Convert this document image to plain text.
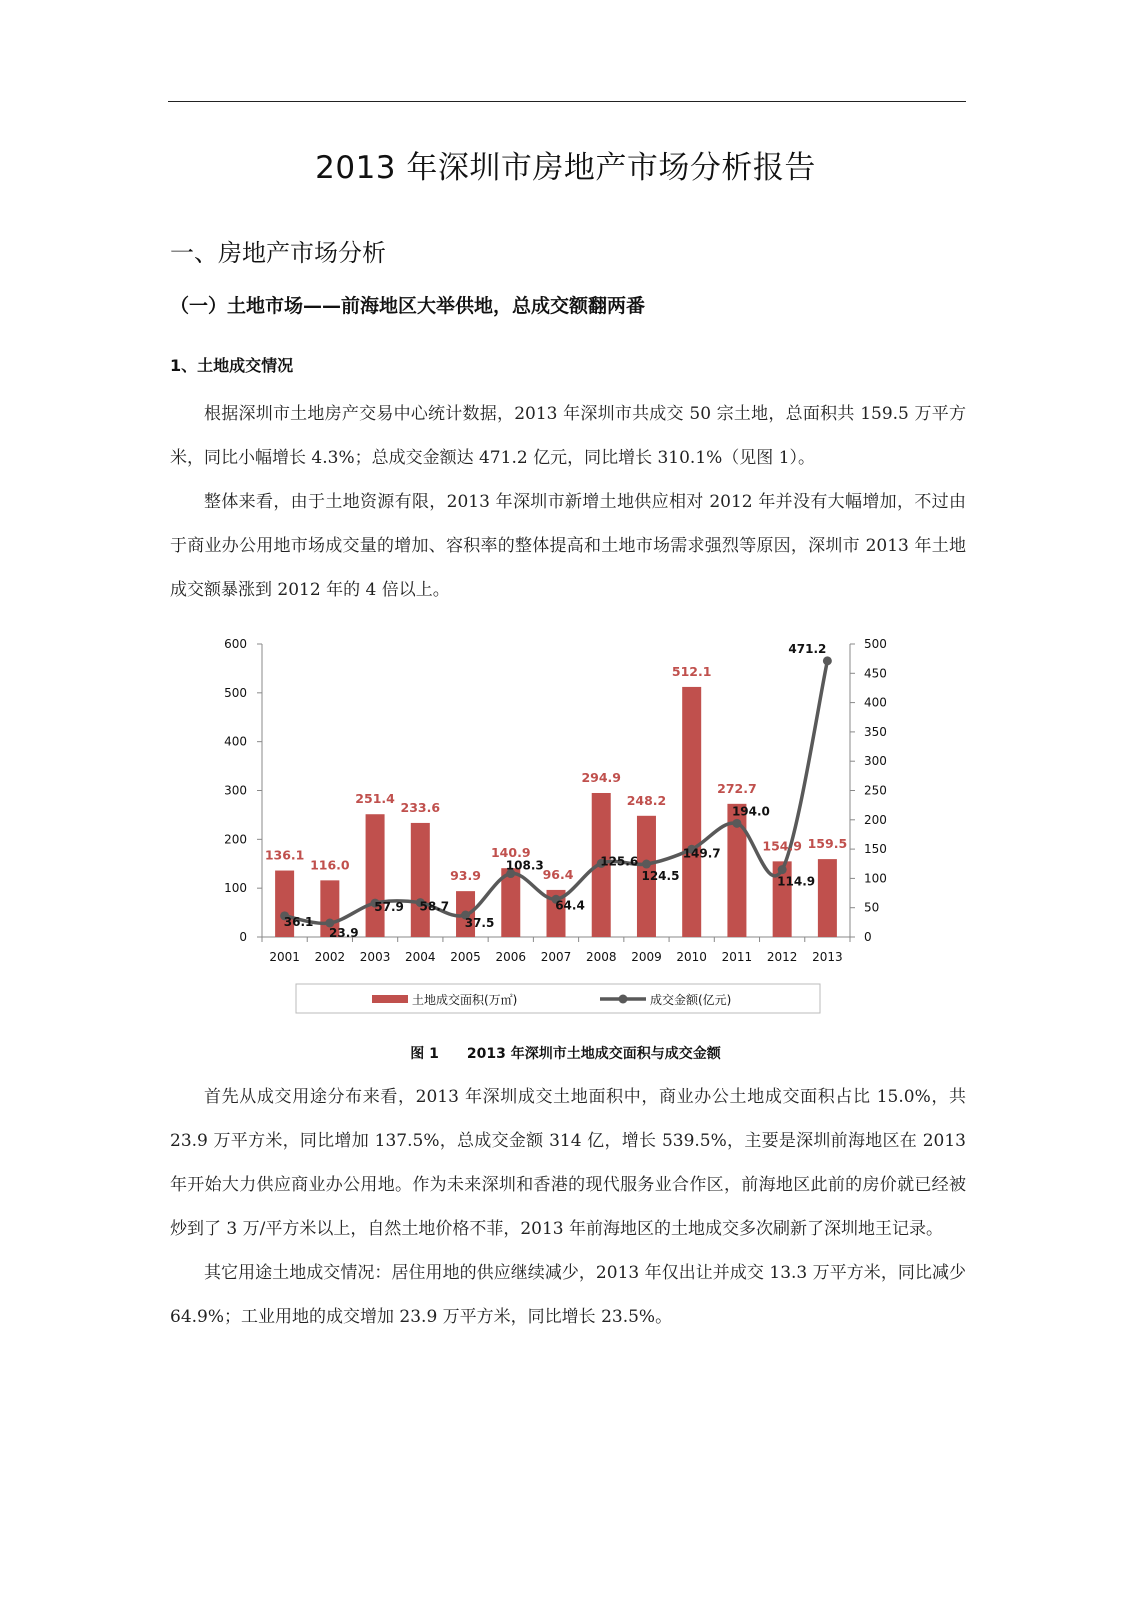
2013 年深圳市房地产市场分析报告
一、房地产市场分析
（一）土地市场——前海地区大举供地，总成交额翻两番
1、土地成交情况

根据深圳市土地房产交易中心统计数据，2013 年深圳市共成交 50 宗土地，总面积共 159.5 万平方米，同比小幅增长 4.3%；总成交金额达 471.2 亿元，同比增长 310.1%（见图 1）。

整体来看，由于土地资源有限，2013 年深圳市新增土地供应相对 2012 年并没有大幅增加，不过由于商业办公用地市场成交量的增加、容积率的整体提高和土地市场需求强烈等原因，深圳市 2013 年土地成交额暴涨到 2012 年的 4 倍以上。

0
100
200
300
400
500
600
0
50
100
150
200
250
300
350
400
450
500
2001 2002 2003 2004 2005 2006 2007 2008 2009 2010 2011 2012 2013
136.1
116.0
251.4
233.6
93.9
140.9
96.4
294.9
248.2
512.1
272.7
154.9 159.5
36.1
23.9
57.9 58.7
37.5
108.3
64.4
125.6
124.5
149.7
194.0
114.9
471.2
土地成交面积(万㎡)	成交金额(亿元)
图 1 2013 年深圳市土地成交面积与成交金额

首先从成交用途分布来看，2013 年深圳成交土地面积中，商业办公土地成交面积占比 15.0%，共 23.9 万平方米，同比增加 137.5%，总成交金额 314 亿，增长 539.5%，主要是深圳前海地区在 2013 年开始大力供应商业办公用地。作为未来深圳和香港的现代服务业合作区，前海地区此前的房价就已经被炒到了 3 万/平方米以上，自然土地价格不菲，2013 年前海地区的土地成交多次刷新了深圳地王记录。

其它用途土地成交情况：居住用地的供应继续减少，2013 年仅出让并成交 13.3 万平方米，同比减少 64.9%；工业用地的成交增加 23.9 万平方米，同比增长 23.5%。
